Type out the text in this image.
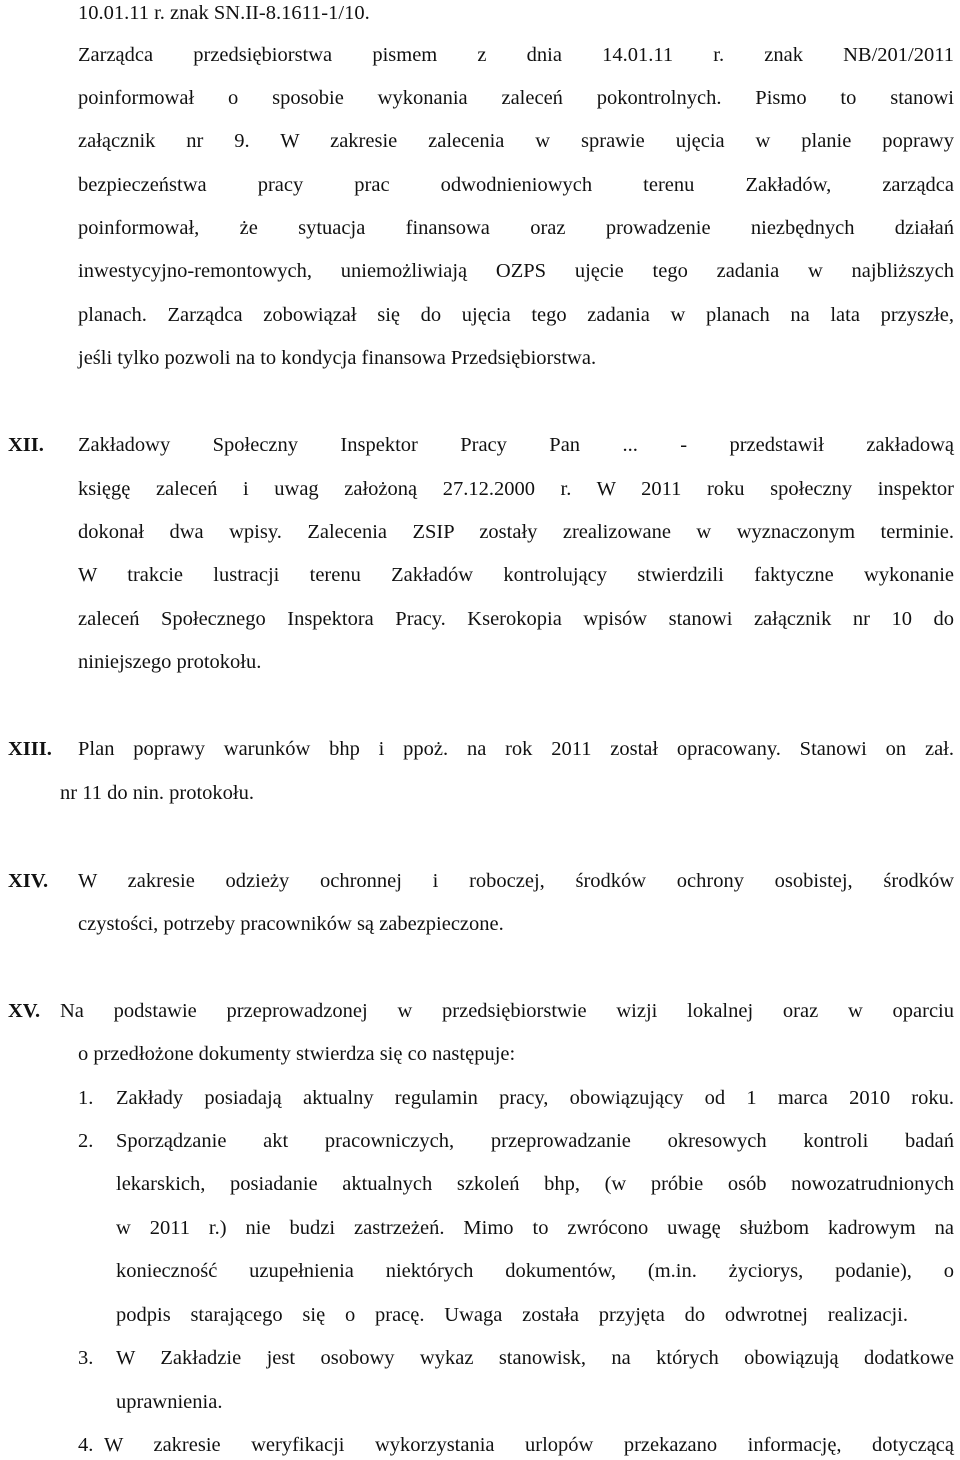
10.01.11 r. znak SN.II-8.1611-1/10.
Zarządca przedsiębiorstwa pismem z dnia 14.01.11 r. znak NB/201/2011
poinformował o sposobie wykonania zaleceń pokontrolnych. Pismo to stanowi
załącznik nr 9. W zakresie zalecenia w sprawie ujęcia w planie poprawy
bezpieczeństwa pracy prac odwodnieniowych terenu Zakładów, zarządca
poinformował, że sytuacja finansowa oraz prowadzenie niezbędnych działań
inwestycyjno-remontowych, uniemożliwiają OZPS ujęcie tego zadania w najbliższych
planach. Zarządca zobowiązał się do ujęcia tego zadania w planach na lata przyszłe,
jeśli tylko pozwoli na to kondycja finansowa Przedsiębiorstwa.
XII. Zakładowy Społeczny Inspektor Pracy Pan ... - przedstawił zakładową
księgę zaleceń i uwag założoną 27.12.2000 r. W 2011 roku społeczny inspektor
dokonał dwa wpisy. Zalecenia ZSIP zostały zrealizowane w wyznaczonym terminie.
W trakcie lustracji terenu Zakładów kontrolujący stwierdzili faktyczne wykonanie
zaleceń Społecznego Inspektora Pracy. Kserokopia wpisów stanowi załącznik nr 10 do
niniejszego protokołu.
XIII. Plan poprawy warunków bhp i ppoż. na rok 2011 został opracowany. Stanowi on zał.
nr 11 do nin. protokołu.
XIV. W zakresie odzieży ochronnej i roboczej, środków ochrony osobistej, środków
czystości, potrzeby pracowników są zabezpieczone.
XV. Na podstawie przeprowadzonej w przedsiębiorstwie wizji lokalnej oraz w oparciu
o przedłożone dokumenty stwierdza się co następuje:
1. Zakłady posiadają aktualny regulamin pracy, obowiązujący od 1 marca 2010 roku.
2. Sporządzanie akt pracowniczych, przeprowadzanie okresowych kontroli badań
lekarskich, posiadanie aktualnych szkoleń bhp, (w próbie osób nowozatrudnionych
w 2011 r.) nie budzi zastrzeżeń. Mimo to zwrócono uwagę służbom kadrowym na
konieczność uzupełnienia niektórych dokumentów, (m.in. życiorys, podanie), o
podpis starającego się o pracę. Uwaga została przyjęta do odwrotnej realizacji.
3. W Zakładzie jest osobowy wykaz stanowisk, na których obowiązują dodatkowe
uprawnienia.
4. W zakresie weryfikacji wykorzystania urlopów przekazano informację, dotyczącą
